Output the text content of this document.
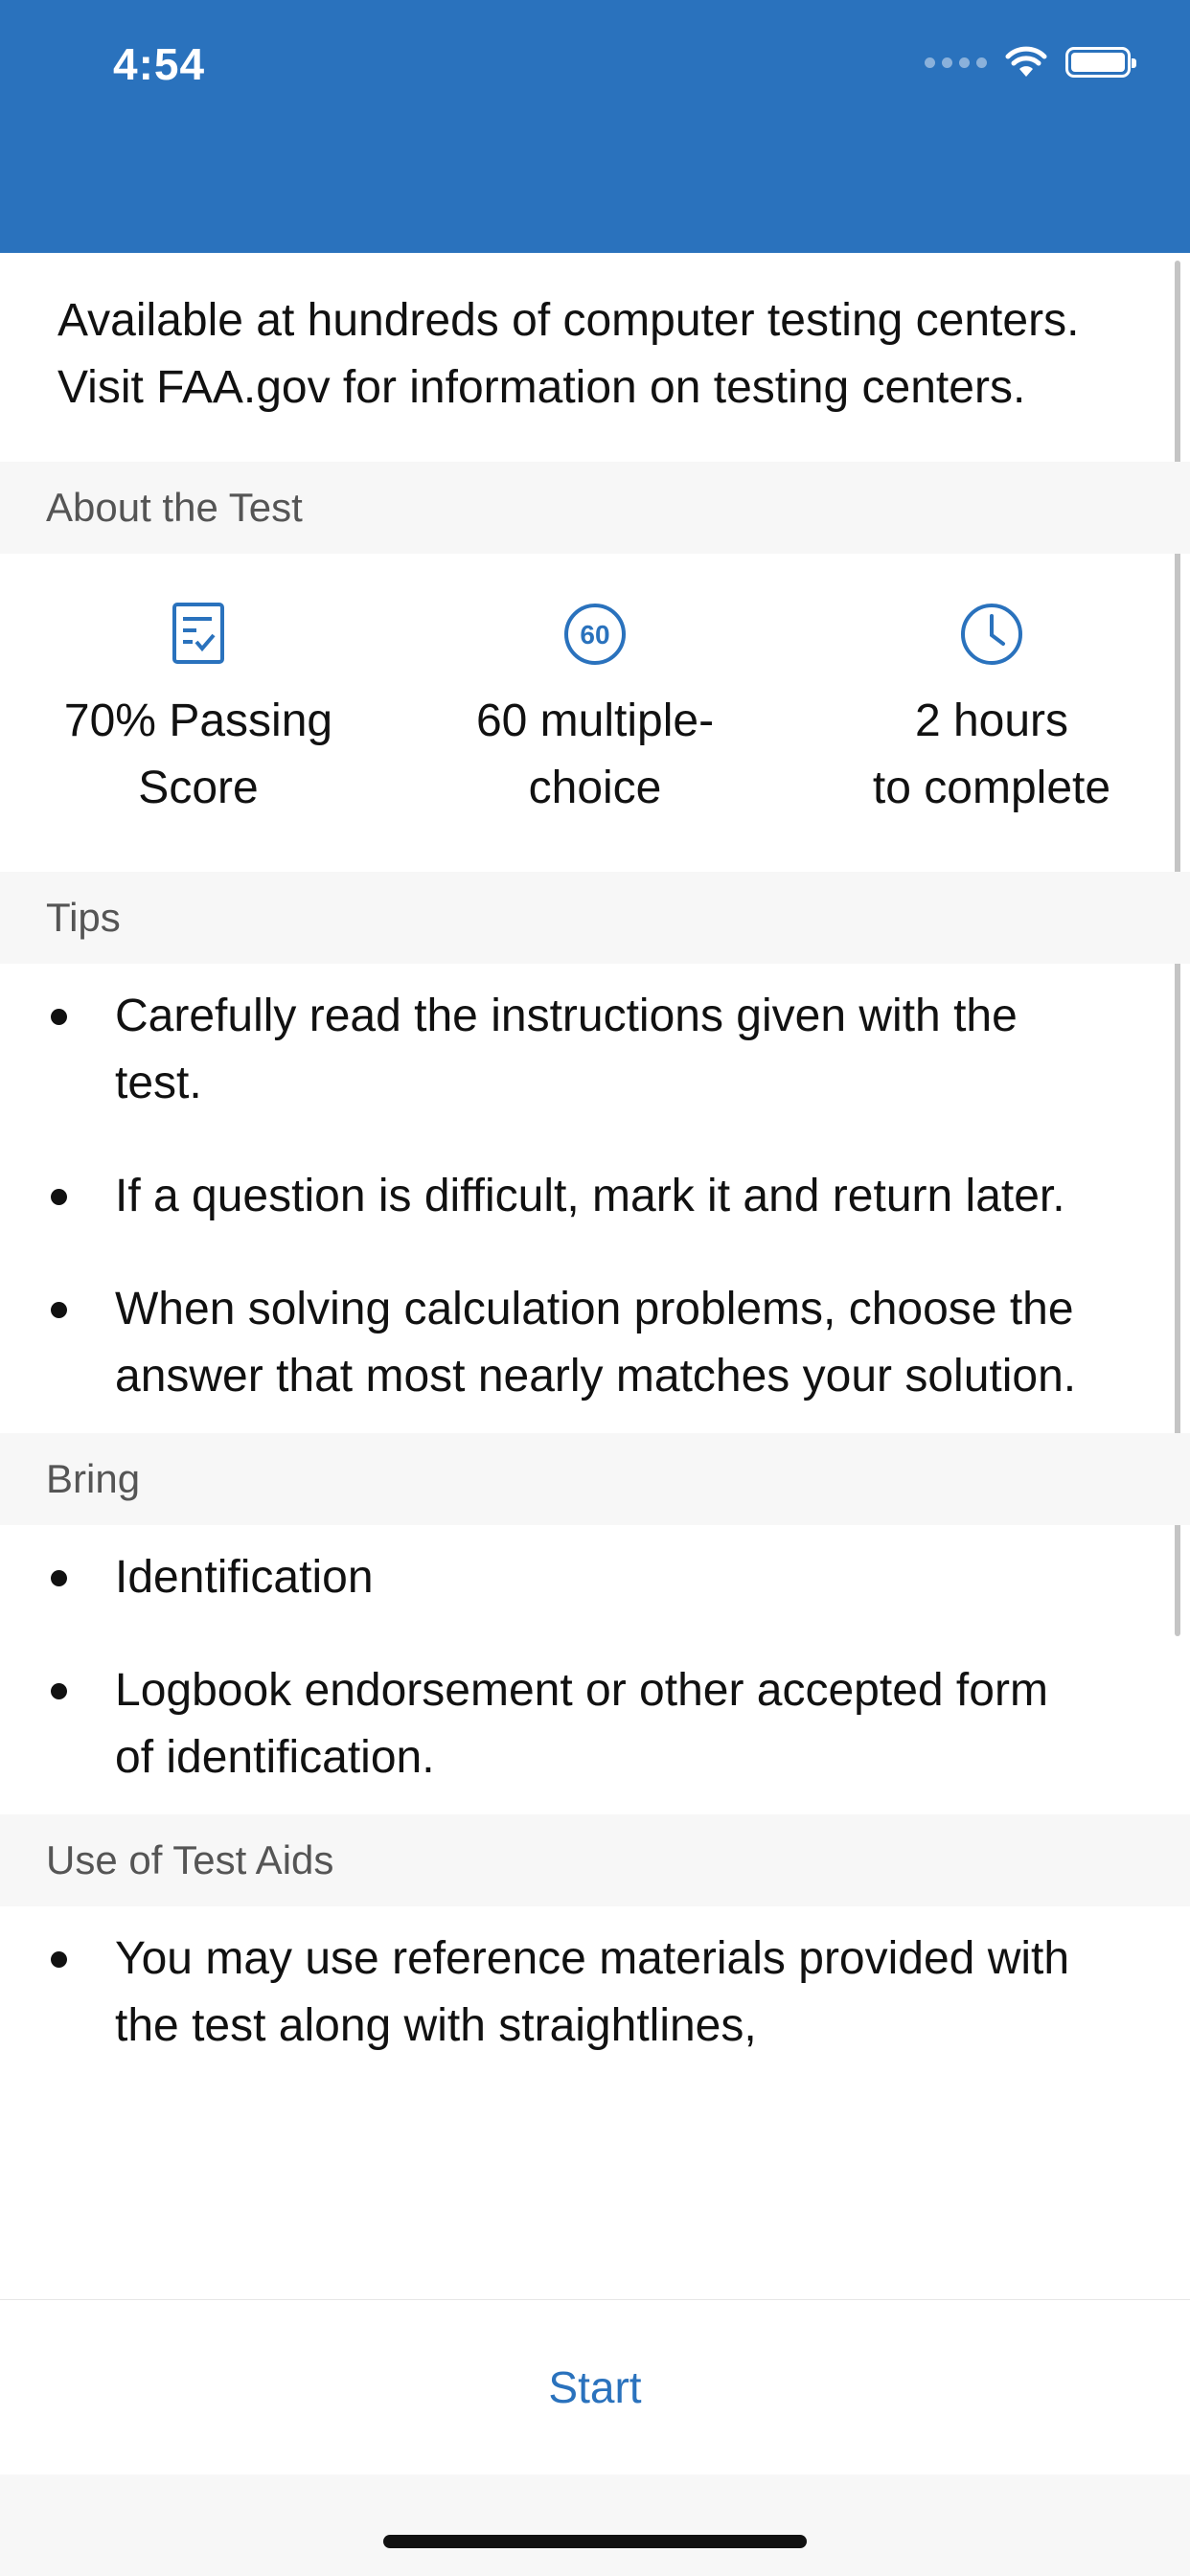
4:54
Available at hundreds of computer testing centers. Visit FAA.gov for information on testing centers.
About the Test
70% Passing
Score
60
60 multiple-
choice
2 hours
to complete
Tips
Carefully read the instructions given with the test.
If a question is difficult, mark it and return later.
When solving calculation problems, choose the answer that most nearly matches your solution.
Bring
Identification
Logbook endorsement or other accepted form of identification.
Use of Test Aids
You may use reference materials provided with the test along with straightlines,
Start
